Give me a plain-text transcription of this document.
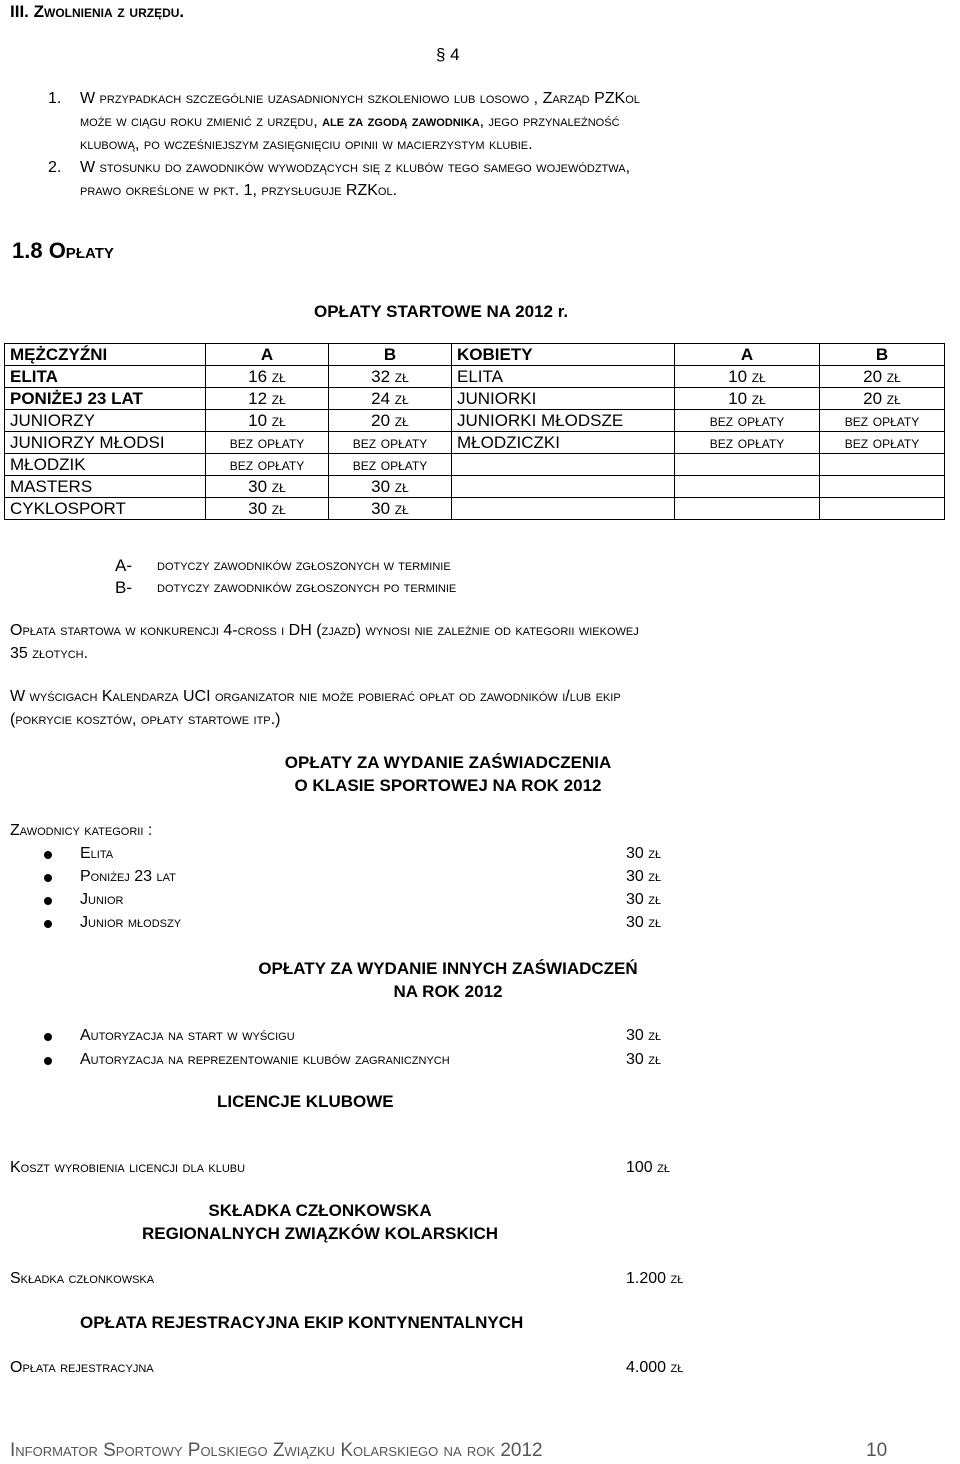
III. Zwolnienia z urzędu.
§ 4
1. W przypadkach szczególnie uzasadnionych szkoleniowo lub losowo , Zarząd PZKol
może w ciągu roku zmienić z urzędu, ale za zgodą zawodnika, jego przynależność
klubową, po wcześniejszym zasięgnięciu opinii w macierzystym klubie.
2. W stosunku do zawodników wywodzących się z klubów tego samego województwa,
prawo określone w pkt. 1, przysługuje RZKol.
1.8 Opłaty
OPŁATY STARTOWE NA 2012 r.
MĘŻCZYŹNI	A	B	KOBIETY	A	B
ELITA	16 zł	32 zł	ELITA	10 zł	20 zł
PONIŻEJ 23 LAT	12 zł	24 zł	JUNIORKI	10 zł	20 zł
JUNIORZY	10 zł	20 zł	JUNIORKI MŁODSZE	bez opłaty	bez opłaty
JUNIORZY MŁODSI	bez opłaty	bez opłaty	MŁODZICZKI	bez opłaty	bez opłaty
MŁODZIK	bez opłaty	bez opłaty			
MASTERS	30 zł	30 zł			
CYKLOSPORT	30 zł	30 zł			
A- dotyczy zawodników zgłoszonych w terminie
B- dotyczy zawodników zgłoszonych po terminie
Opłata startowa w konkurencji 4-cross i DH (zjazd) wynosi nie zależnie od kategorii wiekowej
35 złotych.
W wyścigach Kalendarza UCI organizator nie może pobierać opłat od zawodników i/lub ekip
(pokrycie kosztów, opłaty startowe itp.)
OPŁATY ZA WYDANIE ZAŚWIADCZENIA
O KLASIE SPORTOWEJ NA ROK 2012
Zawodnicy kategorii :
Elita	30 zł
Poniżej 23 lat	30 zł
Junior	30 zł
Junior młodszy	30 zł
OPŁATY ZA WYDANIE INNYCH ZAŚWIADCZEŃ
NA ROK 2012
Autoryzacja na start w wyścigu	30 zł
Autoryzacja na reprezentowanie klubów zagranicznych	30 zł
LICENCJE KLUBOWE
Koszt wyrobienia licencji dla klubu	100 zł
SKŁADKA CZŁONKOWSKA
REGIONALNYCH ZWIĄZKÓW KOLARSKICH
Składka członkowska	1.200 zł
OPŁATA REJESTRACYJNA EKIP KONTYNENTALNYCH
Opłata rejestracyjna	4.000 zł
Informator Sportowy Polskiego Związku Kolarskiego na rok 2012	10
